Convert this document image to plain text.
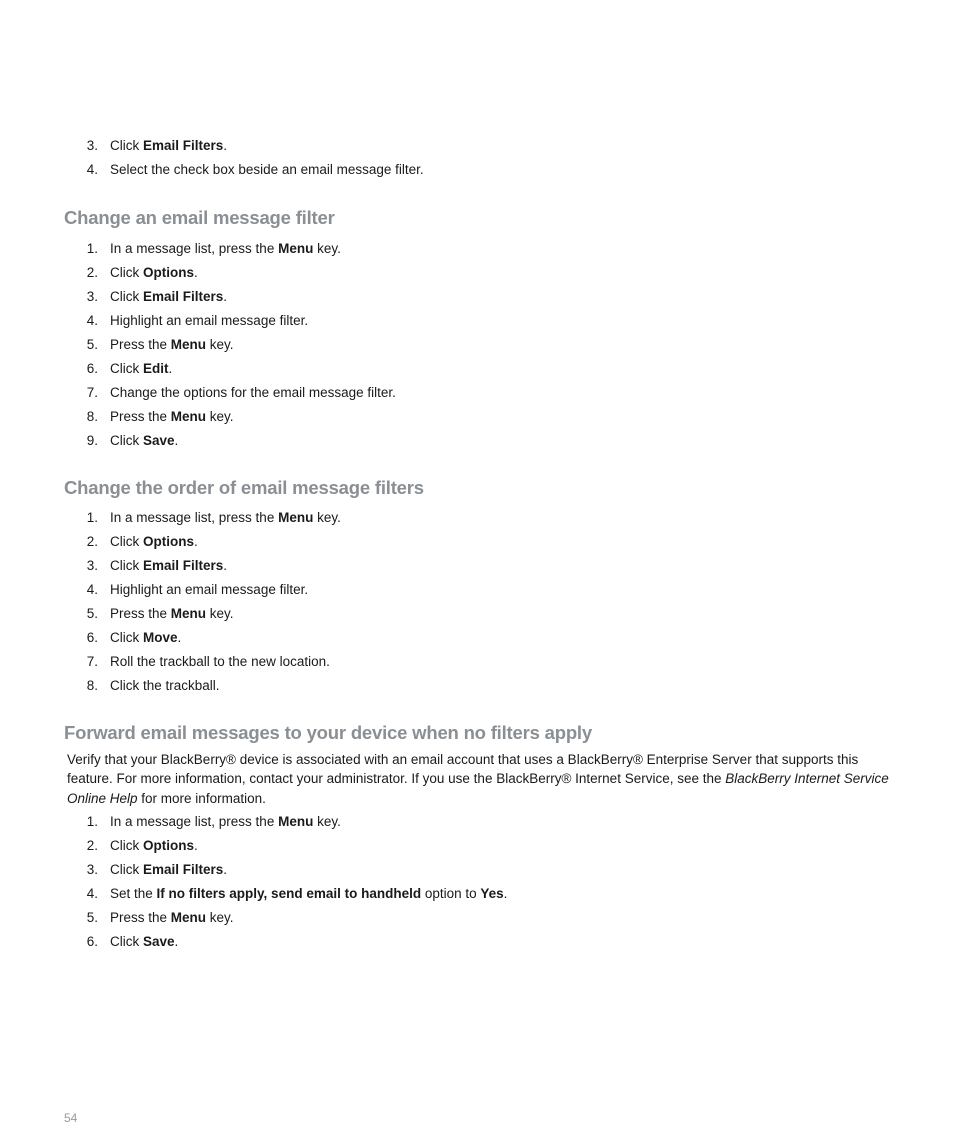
3. Click Email Filters.
4. Select the check box beside an email message filter.
Change an email message filter
1. In a message list, press the Menu key.
2. Click Options.
3. Click Email Filters.
4. Highlight an email message filter.
5. Press the Menu key.
6. Click Edit.
7. Change the options for the email message filter.
8. Press the Menu key.
9. Click Save.
Change the order of email message filters
1. In a message list, press the Menu key.
2. Click Options.
3. Click Email Filters.
4. Highlight an email message filter.
5. Press the Menu key.
6. Click Move.
7. Roll the trackball to the new location.
8. Click the trackball.
Forward email messages to your device when no filters apply
Verify that your BlackBerry® device is associated with an email account that uses a BlackBerry® Enterprise Server that supports this
feature. For more information, contact your administrator. If you use the BlackBerry® Internet Service, see the BlackBerry Internet Service
Online Help for more information.
1. In a message list, press the Menu key.
2. Click Options.
3. Click Email Filters.
4. Set the If no filters apply, send email to handheld option to Yes.
5. Press the Menu key.
6. Click Save.
54
